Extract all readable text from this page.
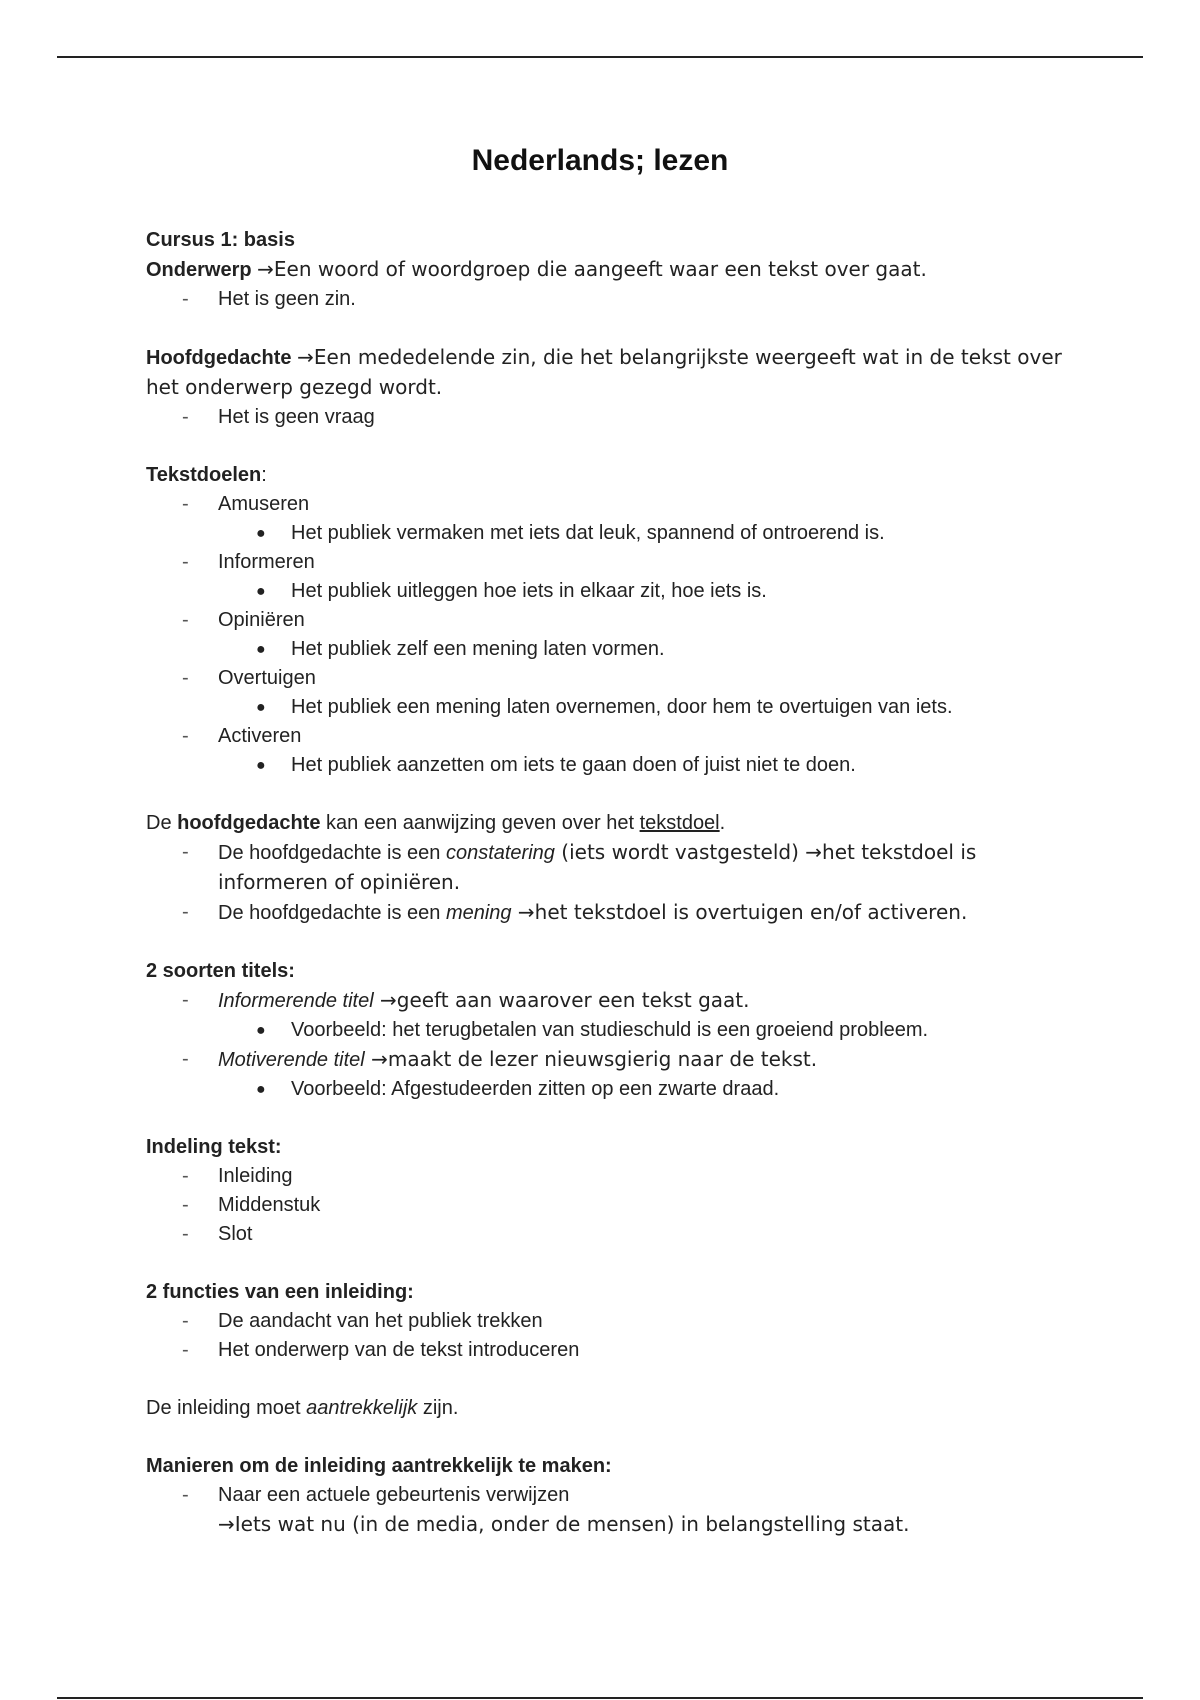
Nederlands; lezen
Cursus 1: basis
Onderwerp →Een woord of woordgroep die aangeeft waar een tekst over gaat.
- Het is geen zin.
Hoofdgedachte →Een mededelende zin, die het belangrijkste weergeeft wat in de tekst over het onderwerp gezegd wordt.
- Het is geen vraag
Tekstdoelen:
- Amuseren
● Het publiek vermaken met iets dat leuk, spannend of ontroerend is.
- Informeren
● Het publiek uitleggen hoe iets in elkaar zit, hoe iets is.
- Opiniëren
● Het publiek zelf een mening laten vormen.
- Overtuigen
● Het publiek een mening laten overnemen, door hem te overtuigen van iets.
- Activeren
● Het publiek aanzetten om iets te gaan doen of juist niet te doen.
De hoofdgedachte kan een aanwijzing geven over het tekstdoel.
- De hoofdgedachte is een constatering (iets wordt vastgesteld) →het tekstdoel is informeren of opiniëren.
- De hoofdgedachte is een mening →het tekstdoel is overtuigen en/of activeren.
2 soorten titels:
- Informerende titel →geeft aan waarover een tekst gaat.
● Voorbeeld: het terugbetalen van studieschuld is een groeiend probleem.
- Motiverende titel →maakt de lezer nieuwsgierig naar de tekst.
● Voorbeeld: Afgestudeerden zitten op een zwarte draad.
Indeling tekst:
- Inleiding
- Middenstuk
- Slot
2 functies van een inleiding:
- De aandacht van het publiek trekken
- Het onderwerp van de tekst introduceren
De inleiding moet aantrekkelijk zijn.
Manieren om de inleiding aantrekkelijk te maken:
- Naar een actuele gebeurtenis verwijzen
→Iets wat nu (in de media, onder de mensen) in belangstelling staat.
